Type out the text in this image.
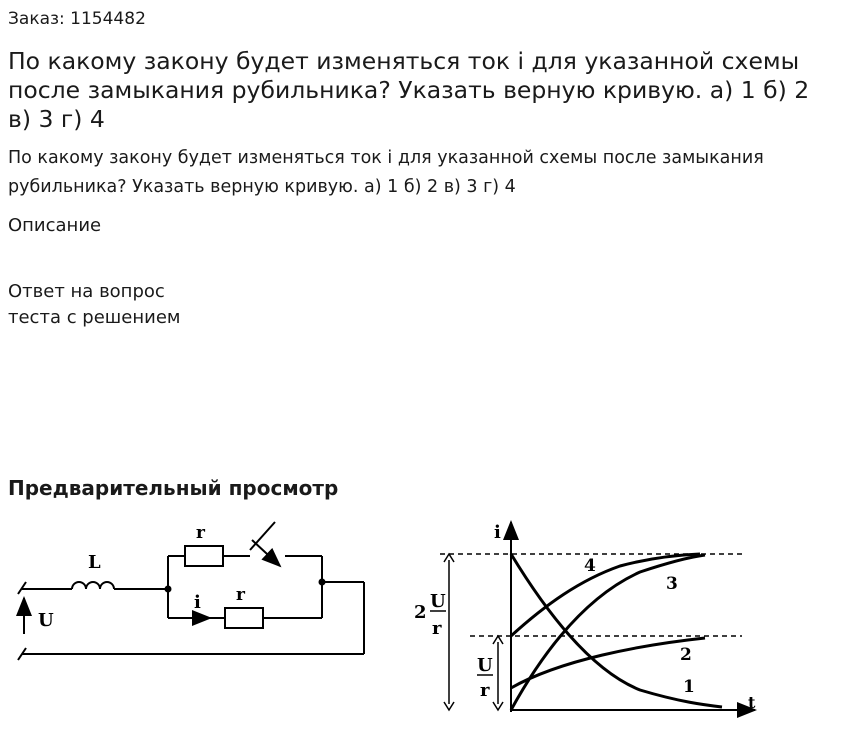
Заказ: 1154482
По какому закону будет изменяться ток i для указанной схемы после замыкания рубильника? Указать верную кривую. а) 1 б) 2 в) 3 г) 4
По какому закону будет изменяться ток i для указанной схемы после замыкания рубильника? Указать верную кривую. а) 1 б) 2 в) 3 г) 4
Описание
Ответ на вопрос
теста с решением
Предварительный просмотр
L
r
r
i
U
i
t
2
U
r
U
r	1
2
3
4
